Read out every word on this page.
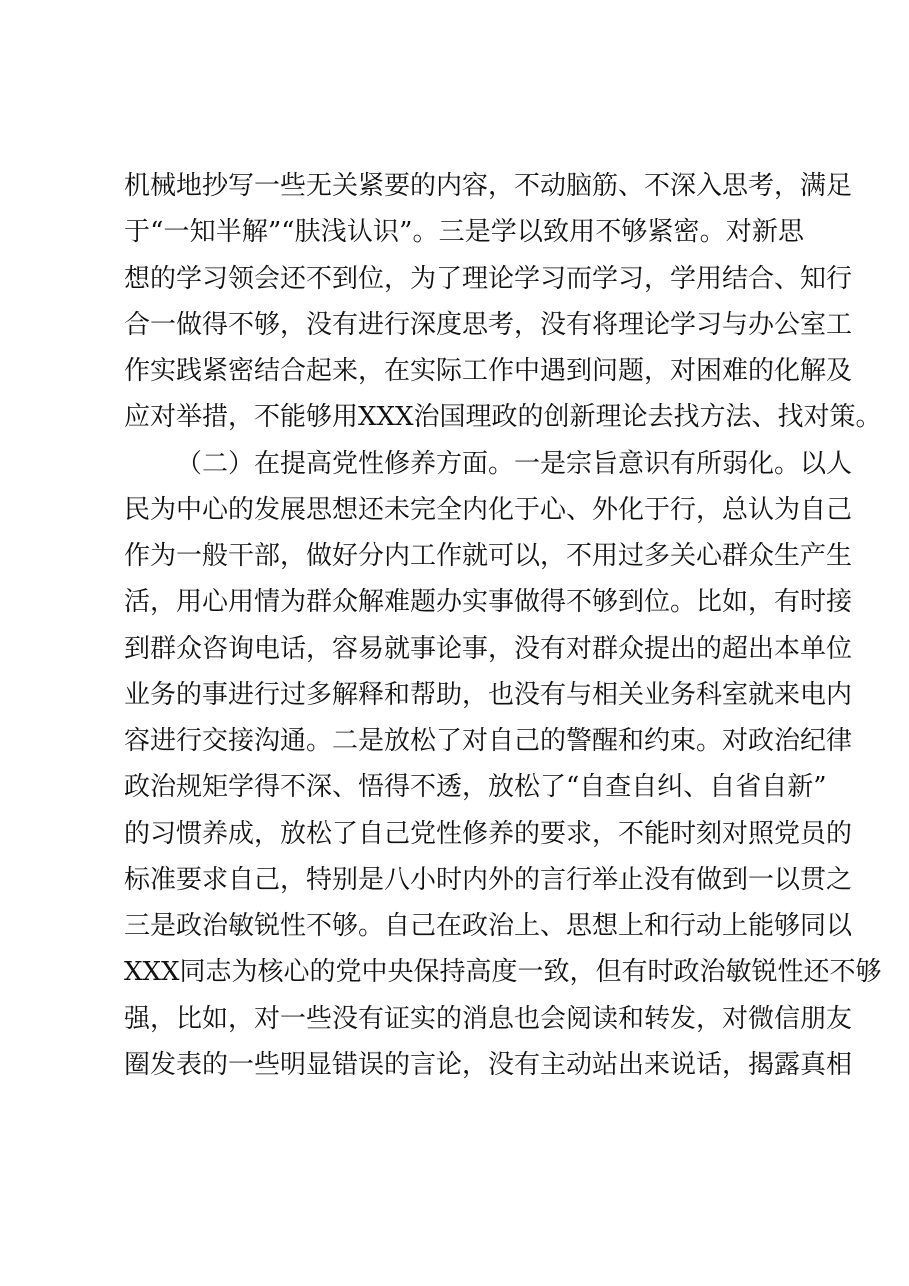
机械地抄写一些无关紧要的内容，不动脑筋、不深入思考，满足
于“一知半解”“肤浅认识”。三是学以致用不够紧密。对新思
想的学习领会还不到位，为了理论学习而学习，学用结合、知行
合一做得不够，没有进行深度思考，没有将理论学习与办公室工
作实践紧密结合起来，在实际工作中遇到问题，对困难的化解及
应对举措，不能够用XXX治国理政的创新理论去找方法、找对策。
（二）在提高党性修养方面。一是宗旨意识有所弱化。以人
民为中心的发展思想还未完全内化于心、外化于行，总认为自己
作为一般干部，做好分内工作就可以，不用过多关心群众生产生
活，用心用情为群众解难题办实事做得不够到位。比如，有时接
到群众咨询电话，容易就事论事，没有对群众提出的超出本单位
业务的事进行过多解释和帮助，也没有与相关业务科室就来电内
容进行交接沟通。二是放松了对自己的警醒和约束。对政治纪律
政治规矩学得不深、悟得不透，放松了“自查自纠、自省自新”
的习惯养成，放松了自己党性修养的要求，不能时刻对照党员的
标准要求自己，特别是八小时内外的言行举止没有做到一以贯之
三是政治敏锐性不够。自己在政治上、思想上和行动上能够同以
XXX同志为核心的党中央保持高度一致，但有时政治敏锐性还不够
强，比如，对一些没有证实的消息也会阅读和转发，对微信朋友
圈发表的一些明显错误的言论，没有主动站出来说话，揭露真相
